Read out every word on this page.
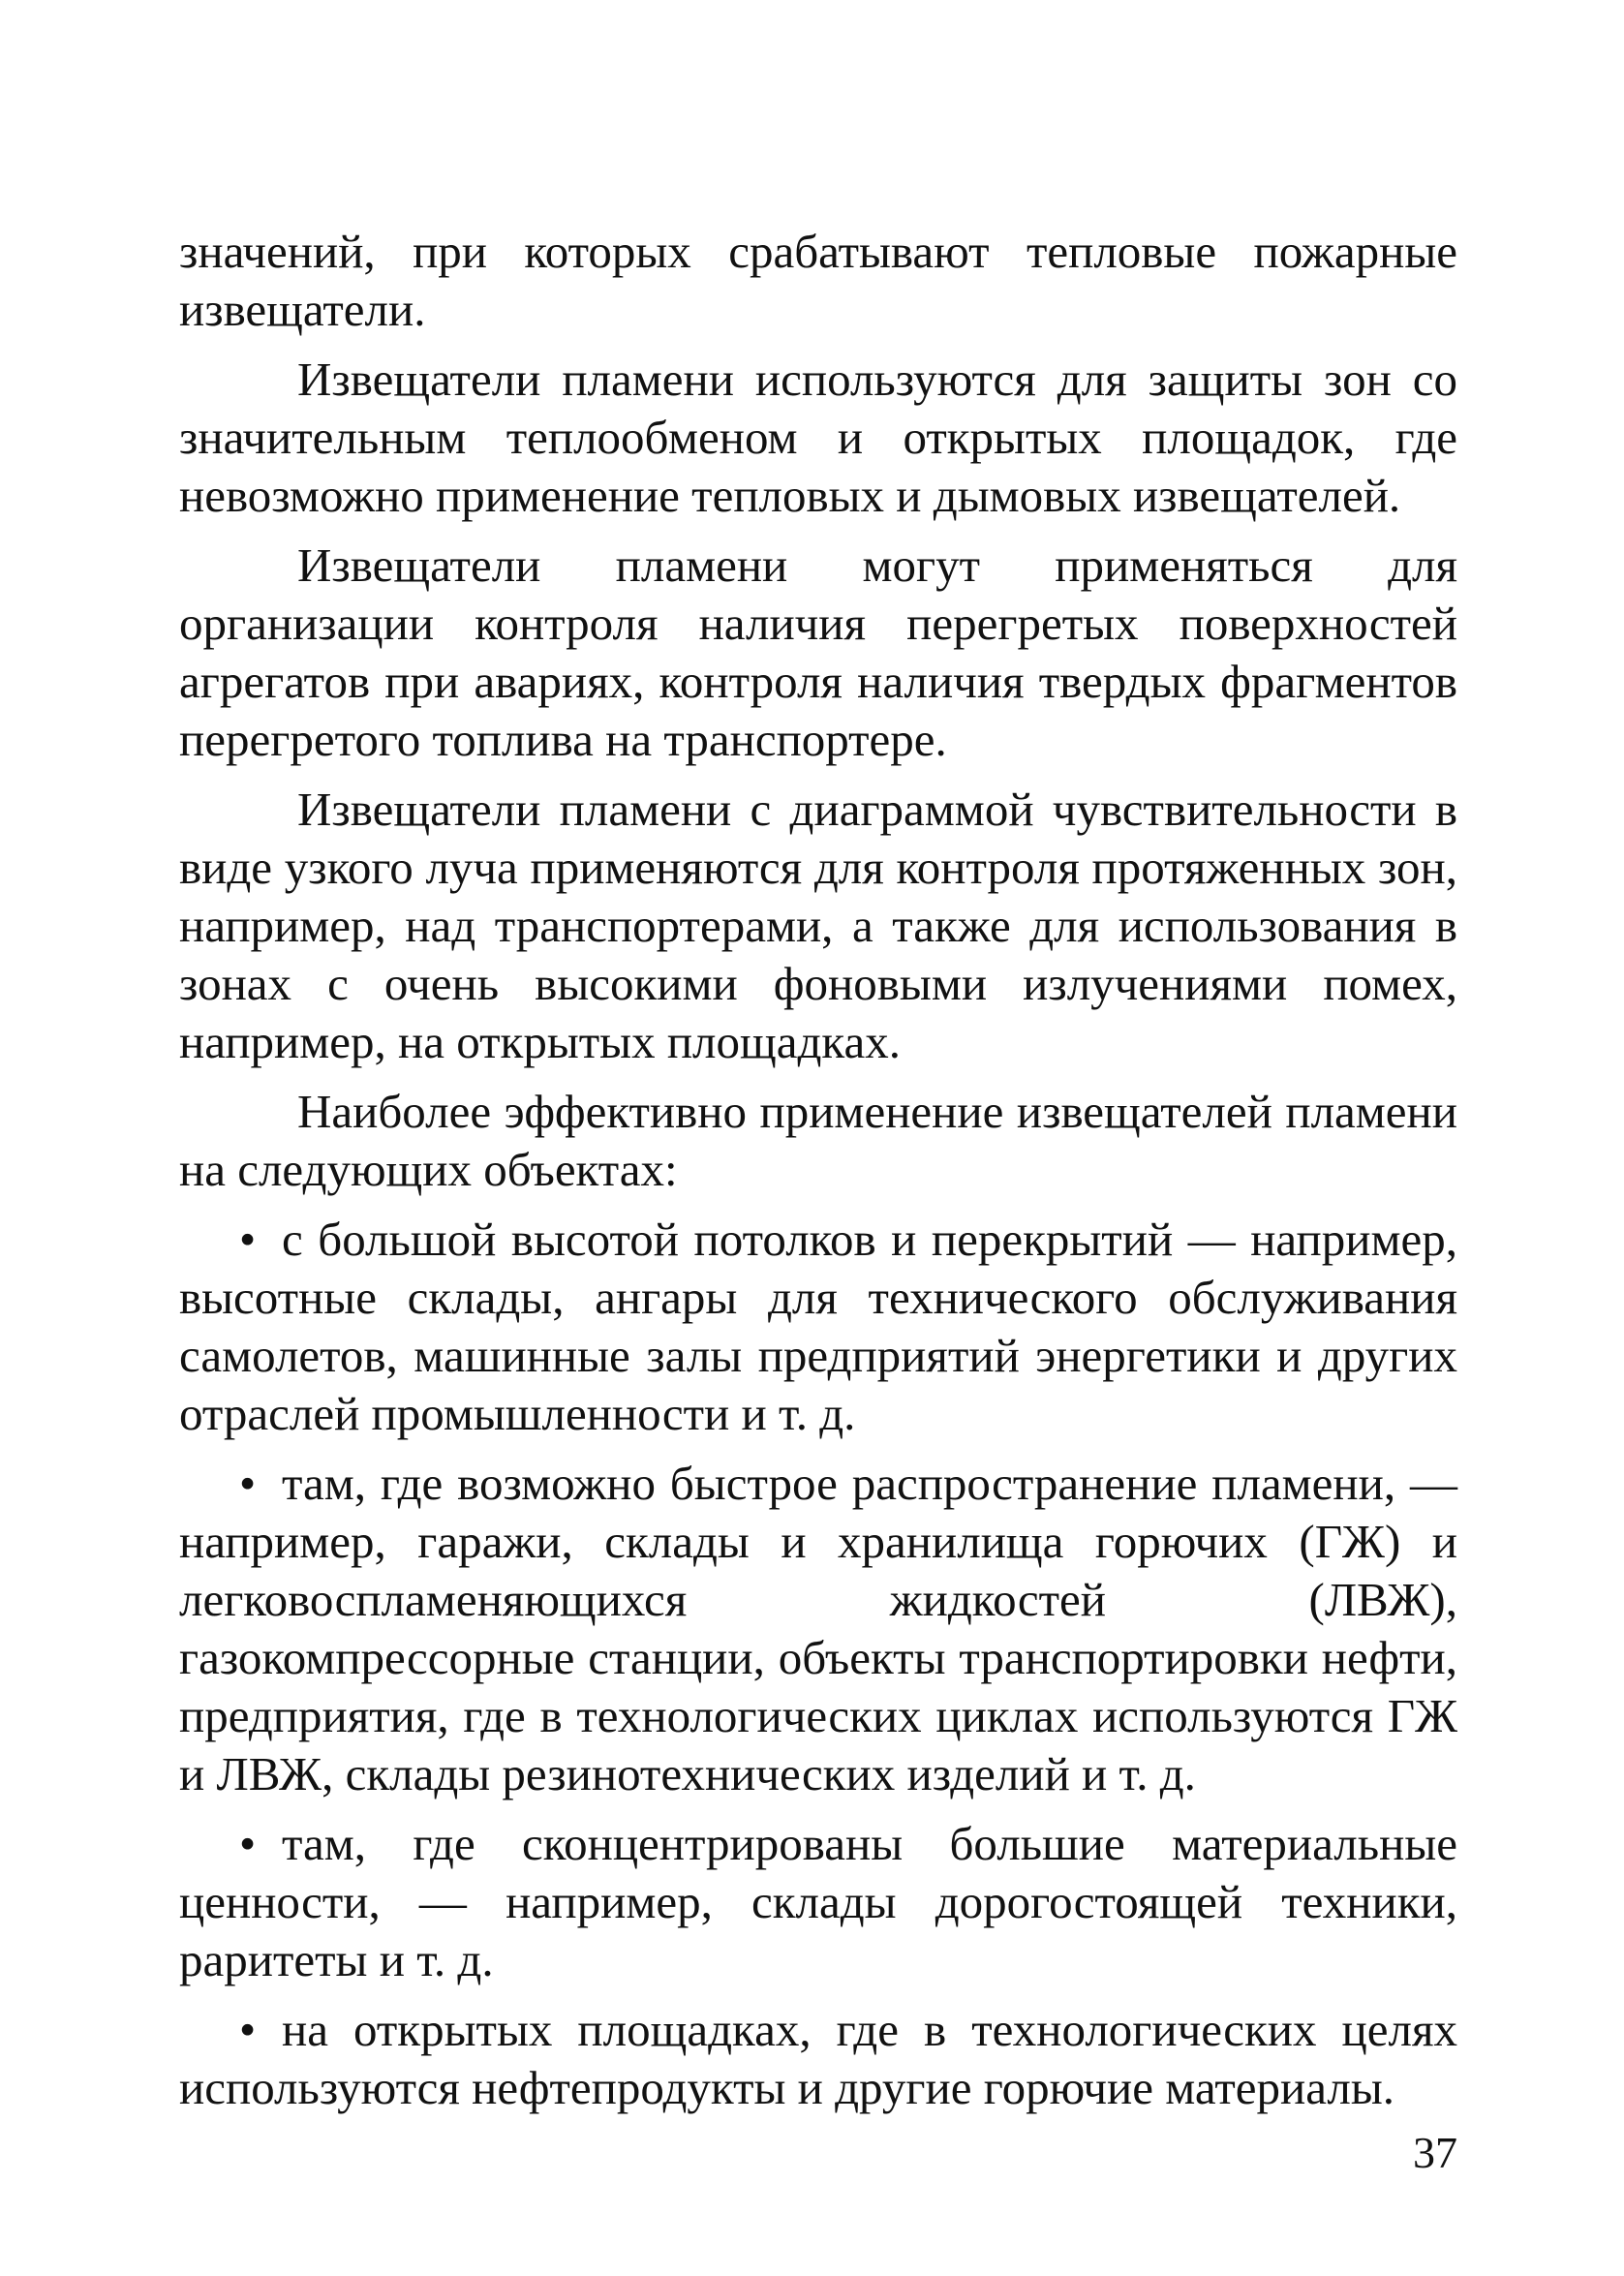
значений, при которых срабатывают тепловые пожарные извещатели.

Извещатели пламени используются для защиты зон со значительным теплообменом и открытых площадок, где невозможно применение тепловых и дымовых извещателей.

Извещатели пламени могут применяться для организации контроля наличия перегретых поверхностей агрегатов при авариях, контроля наличия твердых фрагментов перегретого топлива на транспортере.

Извещатели пламени с диаграммой чувствительности в виде узкого луча применяются для контроля протяженных зон, например, над транспортерами, а также для использования в зонах с очень высокими фоновыми излучениями помех, например, на открытых площадках.

Наиболее эффективно применение извещателей пламени на следующих объектах:

• с большой высотой потолков и перекрытий — например, высотные склады, ангары для технического обслуживания самолетов, машинные залы предприятий энергетики и других отраслей промышленности и т. д.
• там, где возможно быстрое распространение пламени, — например, гаражи, склады и хранилища горючих (ГЖ) и легковоспламеняющихся жидкостей (ЛВЖ), газокомпрессорные станции, объекты транспортировки нефти, предприятия, где в технологических циклах используются ГЖ и ЛВЖ, склады резинотехнических изделий и т. д.
• там, где сконцентрированы большие материальные ценности, — например, склады дорогостоящей техники, раритеты и т. д.
• на открытых площадках, где в технологических целях используются нефтепродукты и другие горючие материалы.
37
